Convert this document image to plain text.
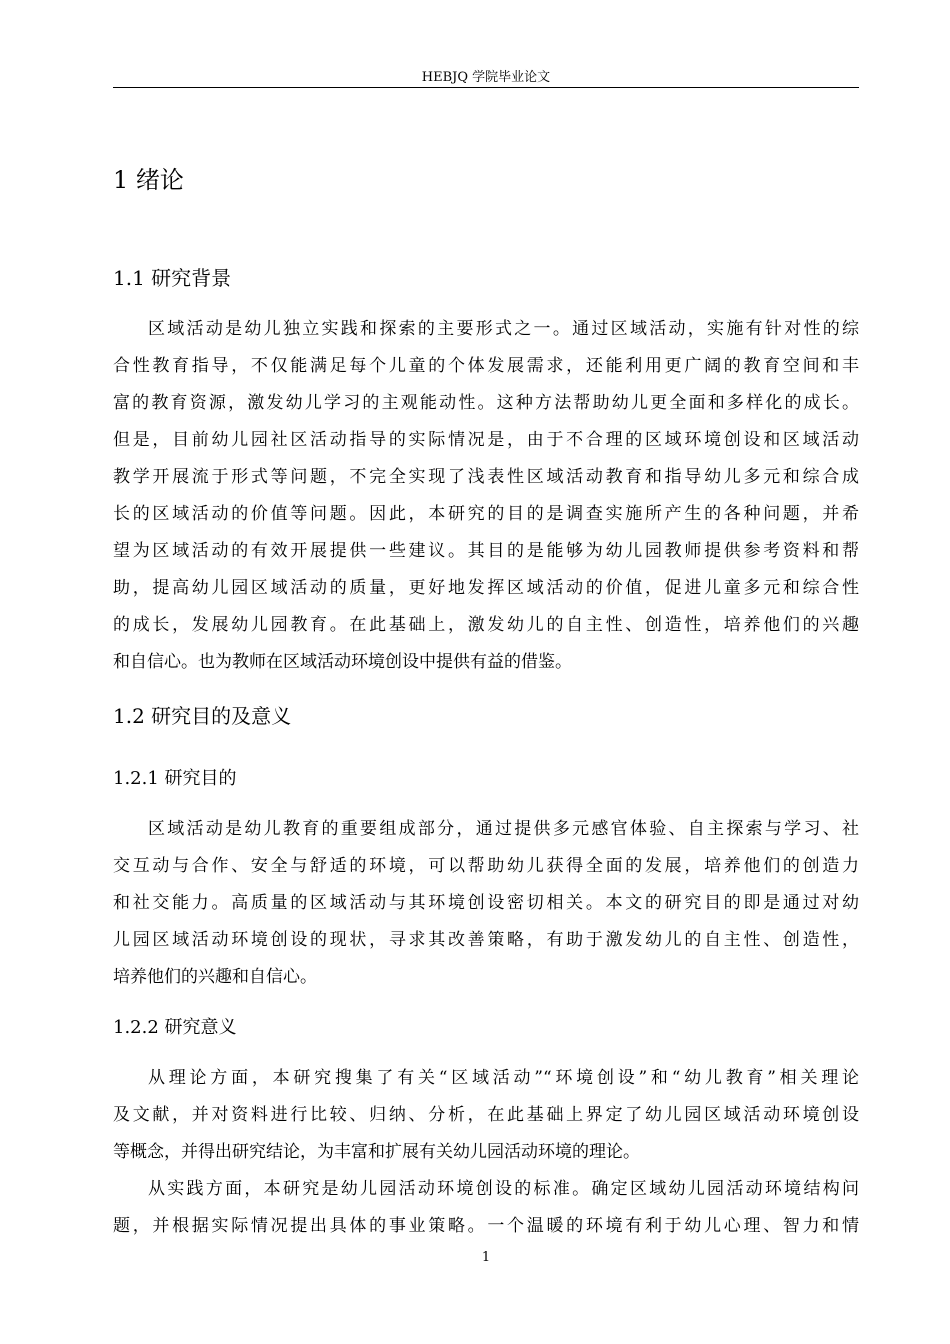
HEBJQ 学院毕业论文
1 绪论
1.1 研究背景
区域活动是幼儿独立实践和探索的主要形式之一。通过区域活动，实施有针对性的综
合性教育指导，不仅能满足每个儿童的个体发展需求，还能利用更广阔的教育空间和丰
富的教育资源，激发幼儿学习的主观能动性。这种方法帮助幼儿更全面和多样化的成长。
但是，目前幼儿园社区活动指导的实际情况是，由于不合理的区域环境创设和区域活动
教学开展流于形式等问题，不完全实现了浅表性区域活动教育和指导幼儿多元和综合成
长的区域活动的价值等问题。因此，本研究的目的是调查实施所产生的各种问题，并希
望为区域活动的有效开展提供一些建议。其目的是能够为幼儿园教师提供参考资料和帮
助，提高幼儿园区域活动的质量，更好地发挥区域活动的价值，促进儿童多元和综合性
的成长，发展幼儿园教育。在此基础上，激发幼儿的自主性、创造性，培养他们的兴趣
和自信心。也为教师在区域活动环境创设中提供有益的借鉴。
1.2 研究目的及意义
1.2.1 研究目的
区域活动是幼儿教育的重要组成部分，通过提供多元感官体验、自主探索与学习、社
交互动与合作、安全与舒适的环境，可以帮助幼儿获得全面的发展，培养他们的创造力
和社交能力。高质量的区域活动与其环境创设密切相关。本文的研究目的即是通过对幼
儿园区域活动环境创设的现状，寻求其改善策略，有助于激发幼儿的自主性、创造性，
培养他们的兴趣和自信心。
1.2.2 研究意义
从理论方面，本研究搜集了有关“区域活动”“环境创设”和“幼儿教育”相关理论
及文献，并对资料进行比较、归纳、分析，在此基础上界定了幼儿园区域活动环境创设
等概念，并得出研究结论，为丰富和扩展有关幼儿园活动环境的理论。
从实践方面，本研究是幼儿园活动环境创设的标准。确定区域幼儿园活动环境结构问
题，并根据实际情况提出具体的事业策略。一个温暖的环境有利于幼儿心理、智力和情
1
